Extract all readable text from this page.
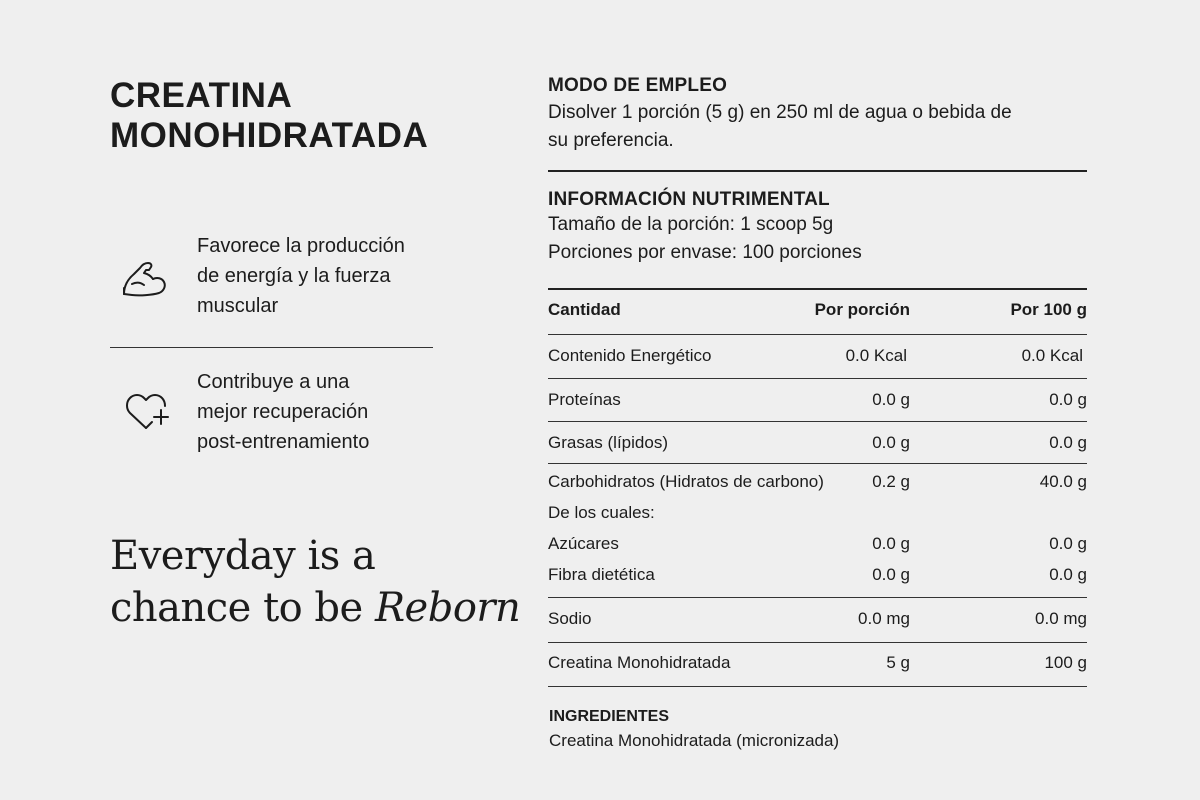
CREATINA
MONOHIDRATADA

Favorece la producción
de energía y la fuerza
muscular

Contribuye a una
mejor recuperación
post-entrenamiento

Everyday is a
chance to be Reborn
MODO DE EMPLEO

Disolver 1 porción (5 g) en 250 ml de agua o bebida de
su preferencia.

INFORMACIÓN NUTRIMENTAL

Tamaño de la porción: 1 scoop 5g
Porciones por envase: 100 porciones

Cantidad	Por porción	Por 100 g
Contenido Energético	0.0 Kcal	0.0 Kcal
Proteínas	0.0 g	0.0 g
Grasas (lípidos)	0.0 g	0.0 g
Carbohidratos (Hidratos de carbono)	0.2 g	40.0 g
De los cuales:
Azúcares	0.0 g	0.0 g
Fibra dietética	0.0 g	0.0 g
Sodio	0.0 mg	0.0 mg
Creatina Monohidratada	5 g	100 g
INGREDIENTES

Creatina Monohidratada (micronizada)
